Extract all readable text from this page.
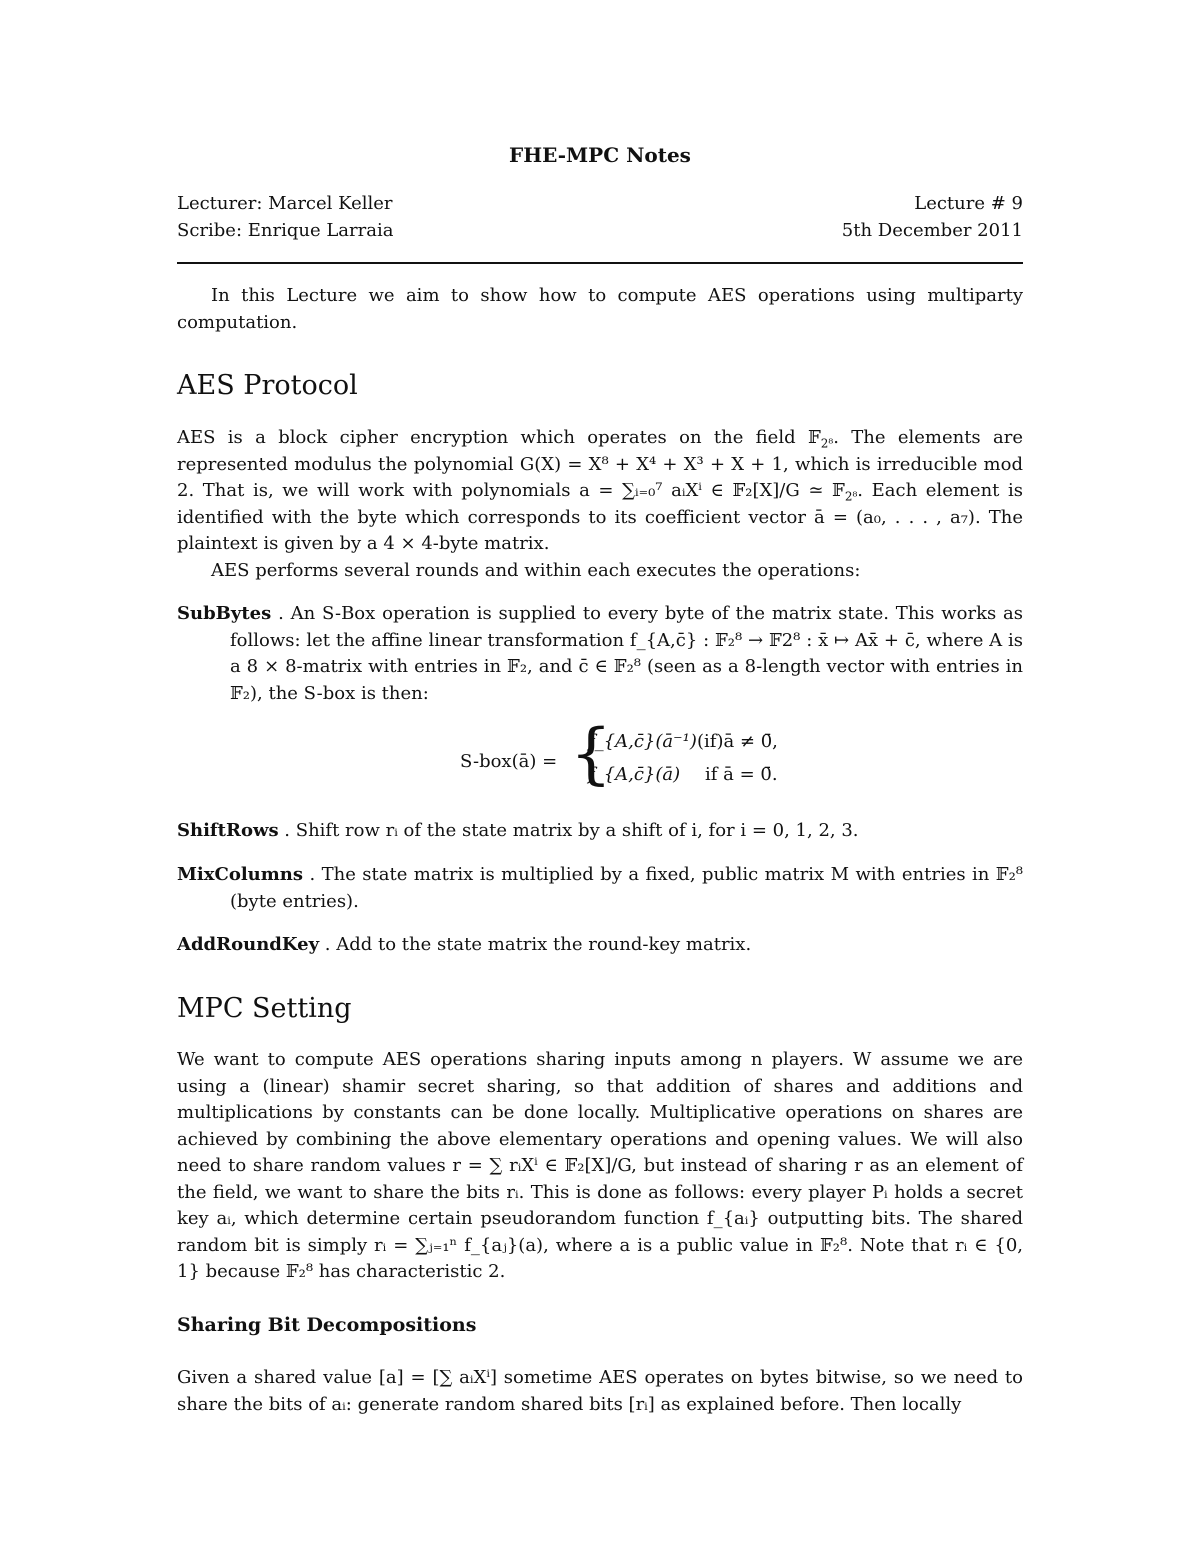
FHE-MPC Notes
Lecturer: Marcel Keller	Lecture # 9
Scribe: Enrique Larraia	5th December 2011
In this Lecture we aim to show how to compute AES operations using multiparty computation.
AES Protocol
AES is a block cipher encryption which operates on the field 𝔽$_{2^8}$. The elements are represented modulus the polynomial G(X) = X⁸ + X⁴ + X³ + X + 1, which is irreducible mod 2. That is, we will work with polynomials a = ∑ᵢ₌₀⁷ aᵢXⁱ ∈ 𝔽₂[X]/G ≃ 𝔽$_{2^8}$. Each element is identified with the byte which corresponds to its coefficient vector ā = (a₀, . . . , a₇). The plaintext is given by a 4 × 4-byte matrix.
AES performs several rounds and within each executes the operations:
SubBytes . An S-Box operation is supplied to every byte of the matrix state. This works as follows: let the affine linear transformation f_{A,c̄} : 𝔽₂⁸ → 𝔽2⁸ : x̄ ↦ Ax̄ + c̄, where A is a 8 × 8-matrix with entries in 𝔽₂, and c̄ ∈ 𝔽₂⁸ (seen as a 8-length vector with entries in 𝔽₂), the S-box is then:
S-box(ā) = {
f_{A,c̄}(ā⁻¹) (if)ā ≠ 0̄,
f_{A,c̄}(ā) if ā = 0̄.
ShiftRows . Shift row rᵢ of the state matrix by a shift of i, for i = 0, 1, 2, 3.
MixColumns . The state matrix is multiplied by a fixed, public matrix M with entries in 𝔽₂⁸ (byte entries).
AddRoundKey . Add to the state matrix the round-key matrix.
MPC Setting
We want to compute AES operations sharing inputs among n players. W assume we are using a (linear) shamir secret sharing, so that addition of shares and additions and multiplications by constants can be done locally. Multiplicative operations on shares are achieved by combining the above elementary operations and opening values. We will also need to share random values r = ∑ rᵢXⁱ ∈ 𝔽₂[X]/G, but instead of sharing r as an element of the field, we want to share the bits rᵢ. This is done as follows: every player Pᵢ holds a secret key aᵢ, which determine certain pseudorandom function f_{aᵢ} outputting bits. The shared random bit is simply rᵢ = ∑ⱼ₌₁ⁿ f_{aⱼ}(a), where a is a public value in 𝔽₂⁸. Note that rᵢ ∈ {0, 1} because 𝔽₂⁸ has characteristic 2.
Sharing Bit Decompositions
Given a shared value [a] = [∑ aᵢXⁱ] sometime AES operates on bytes bitwise, so we need to share the bits of aᵢ: generate random shared bits [rᵢ] as explained before. Then locally
